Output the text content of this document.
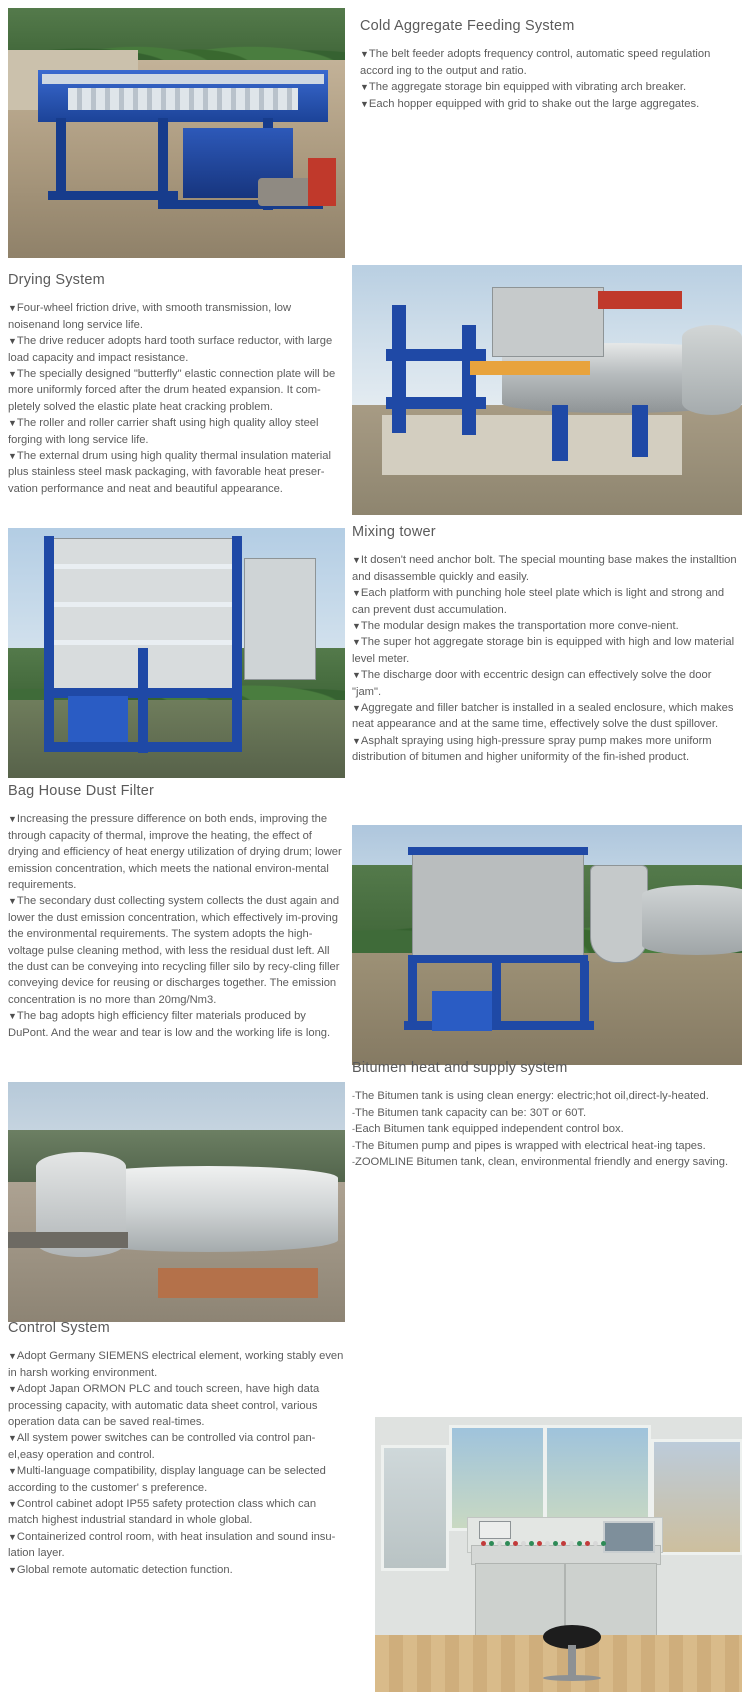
Cold Aggregate Feeding System
▼The belt feeder adopts frequency control, automatic speed regulation accord ing to the output and ratio.
▼The aggregate storage bin equipped with vibrating arch breaker.
▼Each hopper equipped with grid to shake out the large aggregates.
Drying System
▼Four-wheel friction drive, with smooth transmission, low noisenand long service life.
▼The drive reducer adopts hard tooth surface reductor, with large load capacity and impact resistance.
▼The specially designed "butterfly" elastic connection plate will be more uniformly forced after the drum heated expansion. It com-pletely solved the elastic plate heat cracking problem.
▼The roller and roller carrier shaft using high quality alloy steel forging with long service life.
▼The external drum using high quality thermal insulation material plus stainless steel mask packaging, with favorable heat preser-vation performance and neat and beautiful appearance.
Mixing tower
▼It dosen't need anchor bolt. The special mounting base makes the installtion and disassemble quickly and easily.
▼Each platform with punching hole steel plate which is light and strong and can prevent dust accumulation.
▼The modular design makes the transportation more conve-nient.
▼The super hot aggregate storage bin is equipped with high and low material level meter.
▼The discharge door with eccentric design can effectively solve the door "jam".
▼Aggregate and filler batcher is installed in a sealed enclosure, which makes neat appearance and at the same time, effectively solve the dust spillover.
▼Asphalt spraying using high-pressure spray pump makes more uniform distribution of bitumen and higher uniformity of the fin-ished product.
Bag House Dust Filter
▼Increasing the pressure difference on both ends, improving the through capacity of thermal, improve the heating, the effect of drying and efficiency of heat energy utilization of drying drum; lower emission concentration, which meets the national environ-mental requirements.
▼The secondary dust collecting system collects the dust again and lower the dust emission concentration, which effectively im-proving the environmental requirements. The system adopts the high-voltage pulse cleaning method, with less the residual dust left. All the dust can be conveying into recycling filler silo by recy-cling filler conveying device for reusing or discharges together. The emission concentration is no more than 20mg/Nm3.
▼The bag adopts high efficiency filter materials produced by DuPont. And the wear and tear is low and the working life is long.
Bitumen heat and supply system
-The Bitumen tank is using clean energy: electric;hot oil,direct-ly-heated.
-The Bitumen tank capacity can be: 30T or 60T.
-Each Bitumen tank equipped independent control box.
-The Bitumen pump and pipes is wrapped with electrical heat-ing tapes.
-ZOOMLINE Bitumen tank, clean, environmental friendly and energy saving.
Control System
▼Adopt Germany SIEMENS electrical element, working stably even in harsh working environment.
▼Adopt Japan ORMON PLC and touch screen, have high data processing capacity, with automatic data sheet control, various operation data can be saved real-times.
▼All system power switches can be controlled via control pan-el,easy operation and control.
▼Multi-language compatibility, display language can be selected according to the customer' s preference.
▼Control cabinet adopt IP55 safety protection class which can match highest industrial standard in whole global.
▼Containerized control room, with heat insulation and sound insu-lation layer.
▼Global remote automatic detection function.
